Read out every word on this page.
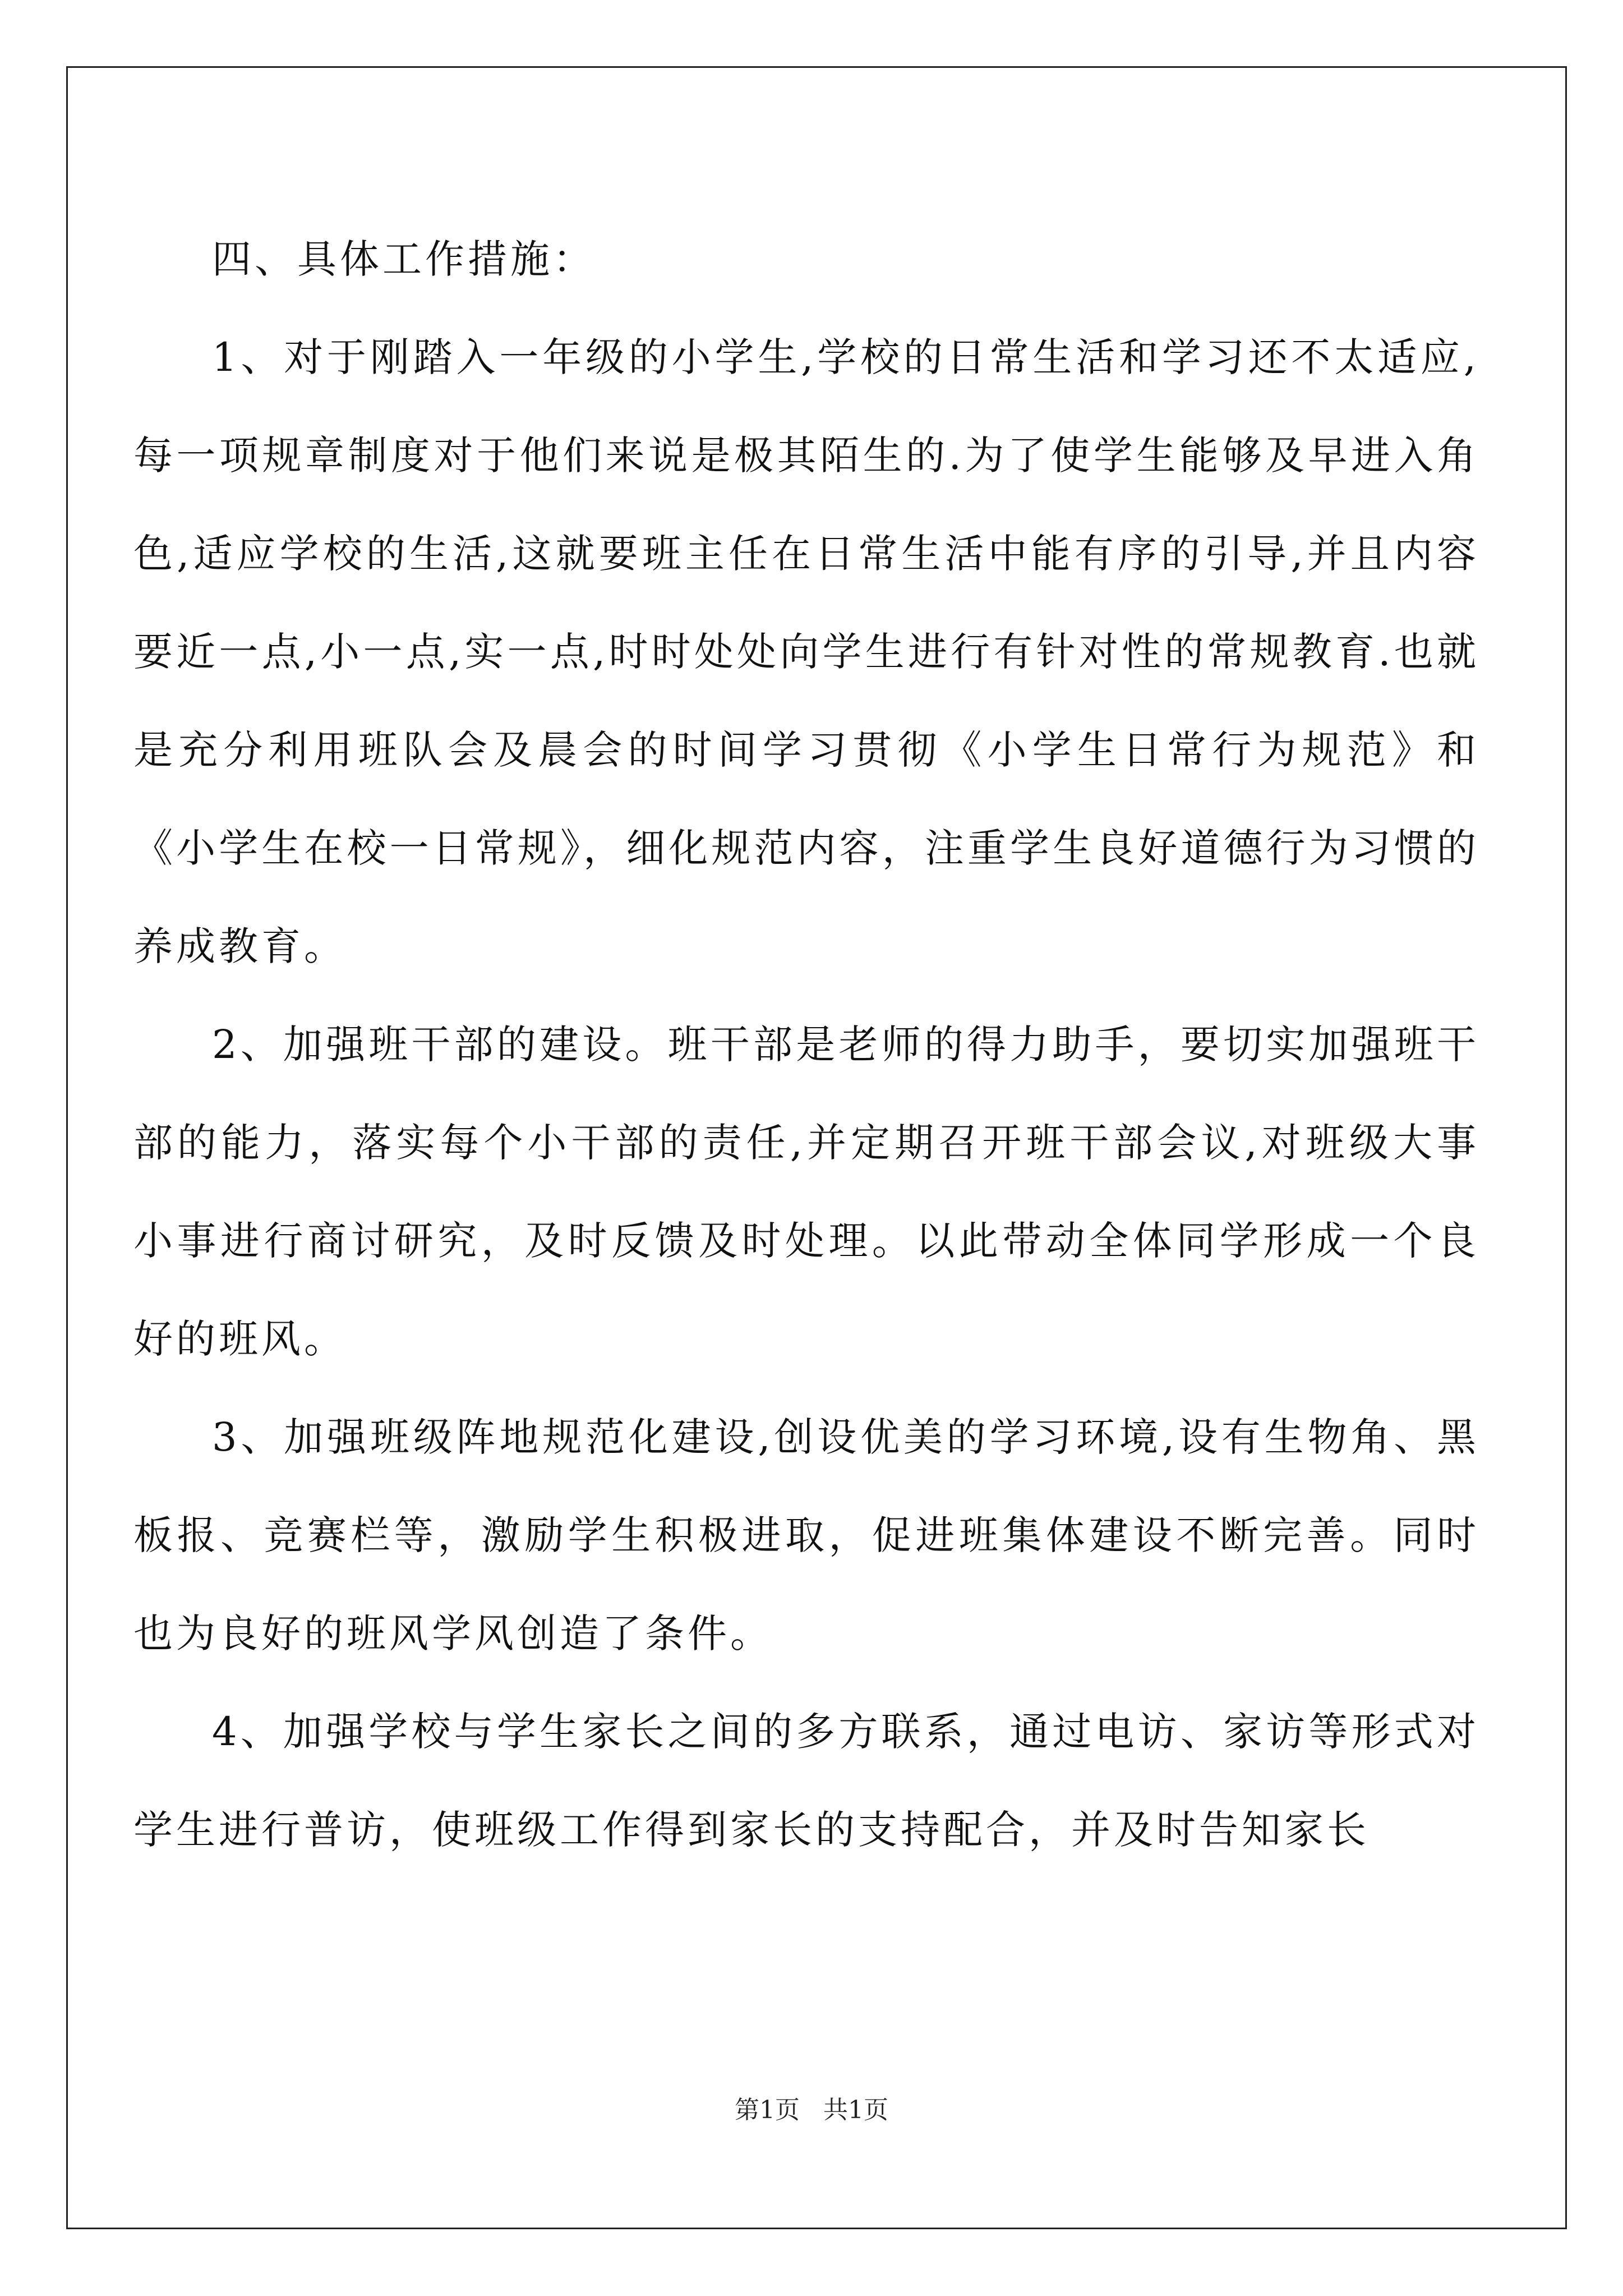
四、具体工作措施：

1、对于刚踏入一年级的小学生,学校的日常生活和学习还不太适应,每一项规章制度对于他们来说是极其陌生的.为了使学生能够及早进入角色,适应学校的生活,这就要班主任在日常生活中能有序的引导,并且内容要近一点,小一点,实一点,时时处处向学生进行有针对性的常规教育.也就是充分利用班队会及晨会的时间学习贯彻《小学生日常行为规范》和《小学生在校一日常规》，细化规范内容，注重学生良好道德行为习惯的养成教育。

2、加强班干部的建设。班干部是老师的得力助手，要切实加强班干部的能力，落实每个小干部的责任,并定期召开班干部会议,对班级大事小事进行商讨研究，及时反馈及时处理。以此带动全体同学形成一个良好的班风。

3、加强班级阵地规范化建设,创设优美的学习环境,设有生物角、黑板报、竞赛栏等，激励学生积极进取，促进班集体建设不断完善。同时也为良好的班风学风创造了条件。

4、加强学校与学生家长之间的多方联系，通过电访、家访等形式对学生进行普访，使班级工作得到家长的支持配合，并及时告知家长

第1页   共1页
